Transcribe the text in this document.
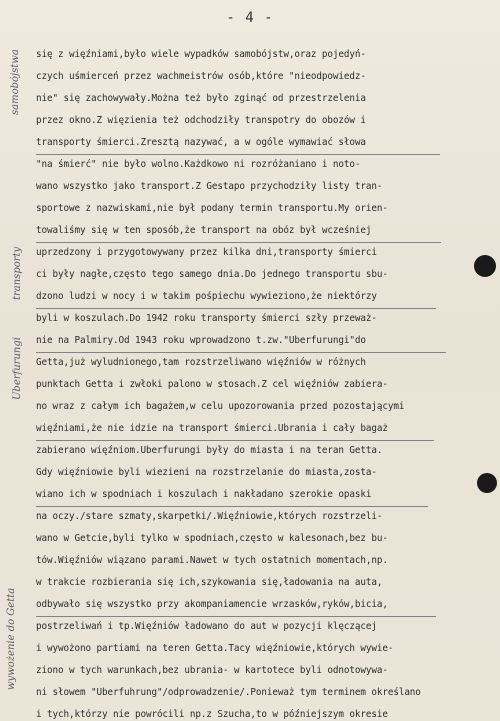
- 4 -
się z więźniami,było wiele wypadków samobójstw,oraz pojedyń-
czych uśmierceń przez wachmeistrów osób,które "nieodpowiedz-
nie" się zachowywały.Można też było zginąć od przestrzelenia
przez okno.Z więzienia też odchodziły transpotry do obozów i
transporty śmierci.Zresztą nazywać, a w ogóle wymawiać słowa
"na śmierć" nie było wolno.Każdkowo ni rozróżaniano i noto-
wano wszystko jako transport.Z Gestapo przychodziły listy tran-
sportowe z nazwiskami,nie był podany termin transportu.My orien-
towaliśmy się w ten sposób,że transport na obóz był wcześniej
uprzedzony i przygotowywany przez kilka dni,transporty śmierci
ci były nagłe,często tego samego dnia.Do jednego transportu sbu-
dzono ludzi w nocy i w takim pośpiechu wywieziono,że niektórzy
byli w koszulach.Do 1942 roku transporty śmierci szły przeważ-
nie na Palmiry.Od 1943 roku wprowadzono t.zw."Uberfurungi"do
Getta,już wyludnionego,tam rozstrzeliwano więźniów w różnych
punktach Getta i zwłoki palono w stosach.Z cel więźniów zabiera-
no wraz z całym ich bagażem,w celu upozorowania przed pozostającymi
więźniami,że nie idzie na transport śmierci.Ubrania i cały bagaż
zabierano więźniom.Uberfurungi były do miasta i na teran Getta.
Gdy więźniowie byli wiezieni na rozstrzelanie do miasta,zosta-
wiano ich w spodniach i koszulach i nakładano szerokie opaski
na oczy./stare szmaty,skarpetki/.Więźniowie,których rozstrzeli-
wano w Getcie,byli tylko w spodniach,często w kalesonach,bez bu-
tów.Więźniów wiązano parami.Nawet w tych ostatnich momentach,np.
w trakcie rozbierania się ich,szykowania się,ładowania na auta,
odbywało się wszystko przy akompaniamencie wrzasków,ryków,bicia,
postrzeliwań i tp.Więźniów ładowano do aut w pozycji klęczącej
i wywożono partiami na teren Getta.Tacy więźniowie,których wywie-
ziono w tych warunkach,bez ubrania- w kartotece byli odnotowywa-
ni słowem "Uberfuhrung"/odprowadzenie/.Ponieważ tym terminem określano
i tych,którzy nie powrócili np.z Szucha,to w późniejszym okresie
samobójstwa
transporty
Uberfurungi
wywożenie do Getta
